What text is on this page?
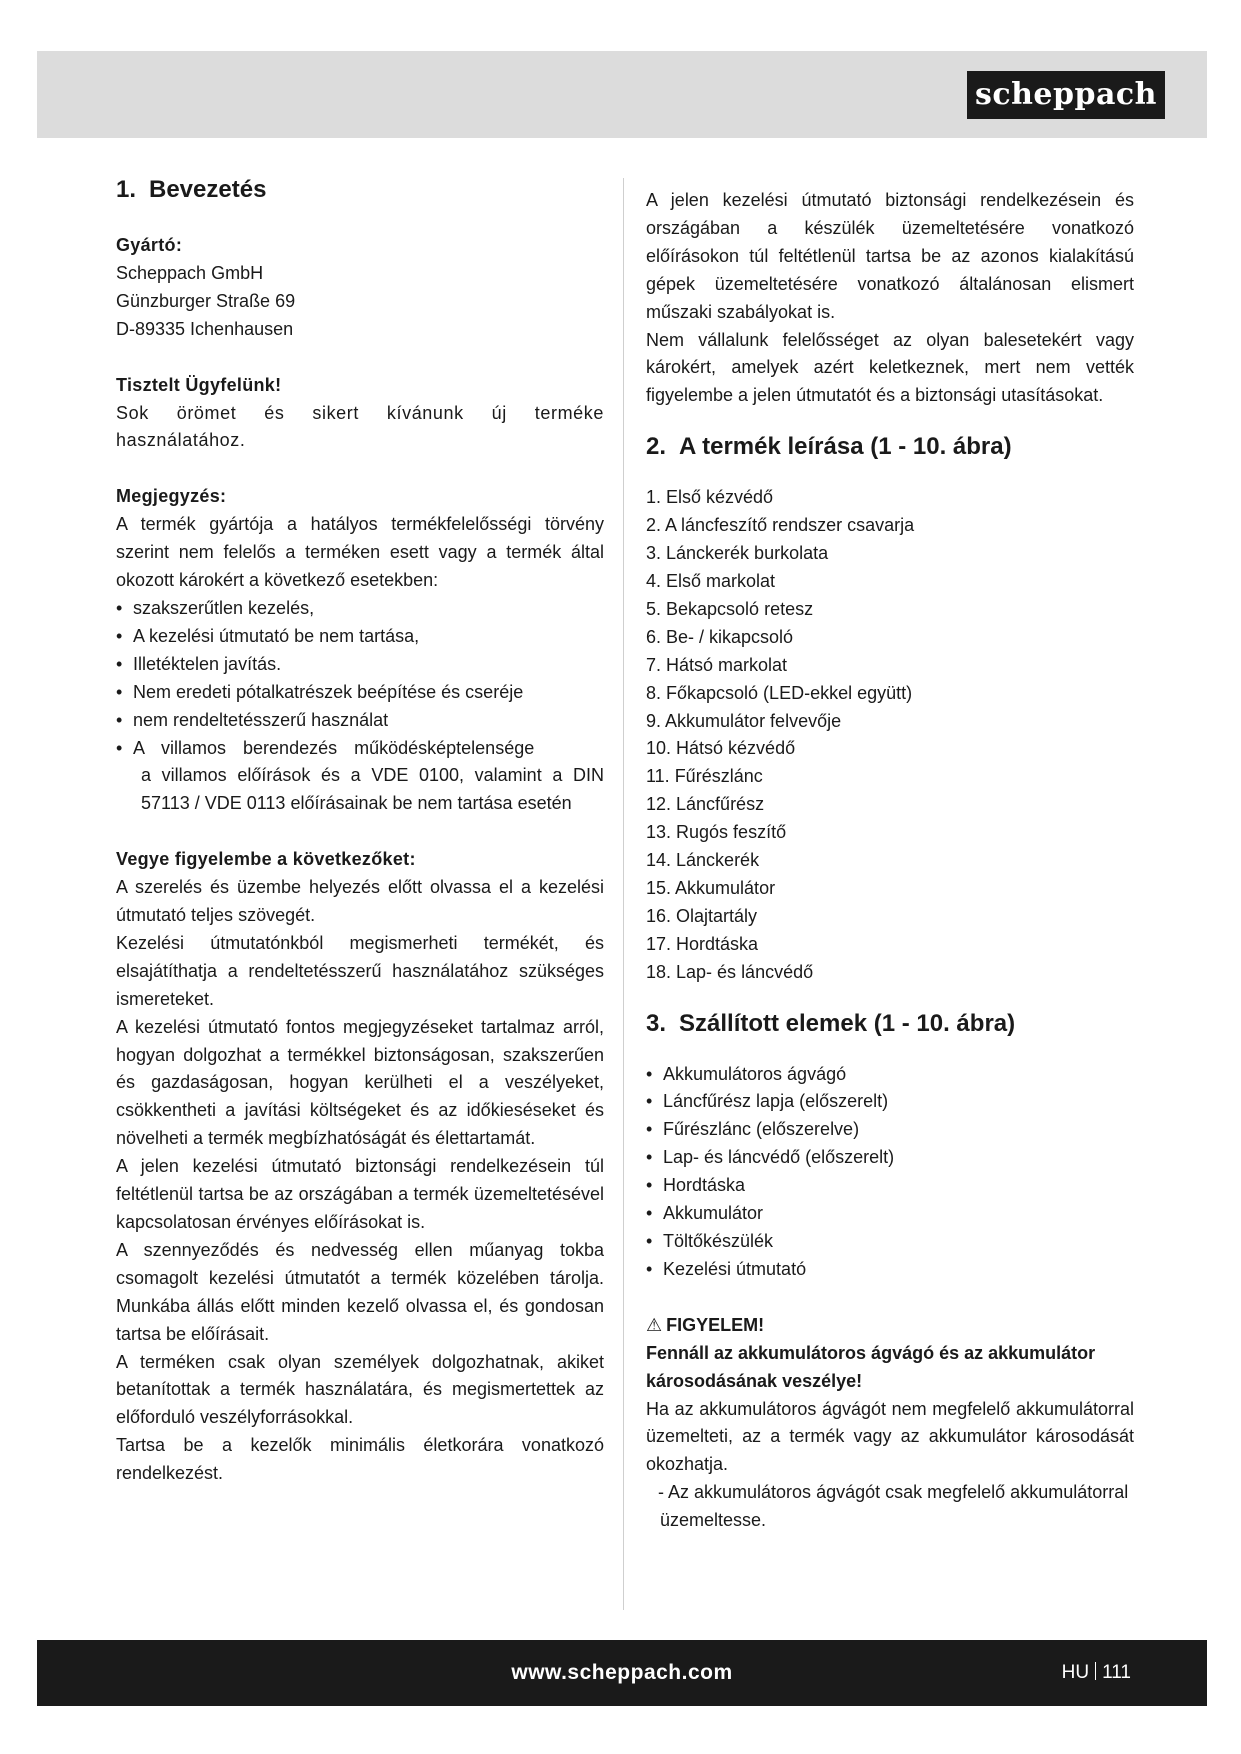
scheppach
1. Bevezetés

Gyártó:

Scheppach GmbH

Günzburger Straße 69

D-89335 Ichenhausen

Tisztelt Ügyfelünk!

Sok örömet és sikert kívánunk új terméke használatához.

Megjegyzés:

A termék gyártója a hatályos termékfelelősségi törvény szerint nem felelős a terméken esett vagy a termék által okozott károkért a következő esetekben:

• szakszerűtlen kezelés,
• A kezelési útmutató be nem tartása,
• Illetéktelen javítás.
• Nem eredeti pótalkatrészek beépítése és cseréje
• nem rendeltetésszerű használat
• A villamos berendezés működésképtelensége
a villamos előírások és a VDE 0100, valamint a DIN 57113 / VDE 0113 előírásainak be nem tartása esetén

Vegye figyelembe a következőket:

A szerelés és üzembe helyezés előtt olvassa el a kezelési útmutató teljes szövegét.

Kezelési útmutatónkból megismerheti termékét, és elsajátíthatja a rendeltetésszerű használatához szükséges ismereteket.

A kezelési útmutató fontos megjegyzéseket tartalmaz arról, hogyan dolgozhat a termékkel biztonságosan, szakszerűen és gazdaságosan, hogyan kerülheti el a veszélyeket, csökkentheti a javítási költségeket és az időkieséseket és növelheti a termék megbízhatóságát és élettartamát.

A jelen kezelési útmutató biztonsági rendelkezésein túl feltétlenül tartsa be az országában a termék üzemeltetésével kapcsolatosan érvényes előírásokat is.

A szennyeződés és nedvesség ellen műanyag tokba csomagolt kezelési útmutatót a termék közelében tárolja. Munkába állás előtt minden kezelő olvassa el, és gondosan tartsa be előírásait.

A terméken csak olyan személyek dolgozhatnak, akiket betanítottak a termék használatára, és megismertettek az előforduló veszélyforrásokkal.

Tartsa be a kezelők minimális életkorára vonatkozó rendelkezést.

A jelen kezelési útmutató biztonsági rendelkezésein és országában a készülék üzemeltetésére vonatkozó előírásokon túl feltétlenül tartsa be az azonos kialakítású gépek üzemeltetésére vonatkozó általánosan elismert műszaki szabályokat is.

Nem vállalunk felelősséget az olyan balesetekért vagy károkért, amelyek azért keletkeznek, mert nem vették figyelembe a jelen útmutatót és a biztonsági utasításokat.

2. A termék leírása (1 - 10. ábra)
1. Első kézvédő
2. A láncfeszítő rendszer csavarja
3. Lánckerék burkolata
4. Első markolat
5. Bekapcsoló retesz
6. Be- / kikapcsoló
7. Hátsó markolat
8. Főkapcsoló (LED-ekkel együtt)
9. Akkumulátor felvevője
10. Hátsó kézvédő
11. Fűrészlánc
12. Láncfűrész
13. Rugós feszítő
14. Lánckerék
15. Akkumulátor
16. Olajtartály
17. Hordtáska
18. Lap- és láncvédő
3. Szállított elemek (1 - 10. ábra)
• Akkumulátoros ágvágó
• Láncfűrész lapja (előszerelt)
• Fűrészlánc (előszerelve)
• Lap- és láncvédő (előszerelt)
• Hordtáska
• Akkumulátor
• Töltőkészülék
• Kezelési útmutató

⚠ FIGYELEM!

Fennáll az akkumulátoros ágvágó és az akkumulátor károsodásának veszélye!

Ha az akkumulátoros ágvágót nem megfelelő akkumulátorral üzemelteti, az a termék vagy az akkumulátor károsodását okozhatja.

- Az akkumulátoros ágvágót csak megfelelő akkumulátorral üzemeltesse.

www.scheppach.com	HU 111
